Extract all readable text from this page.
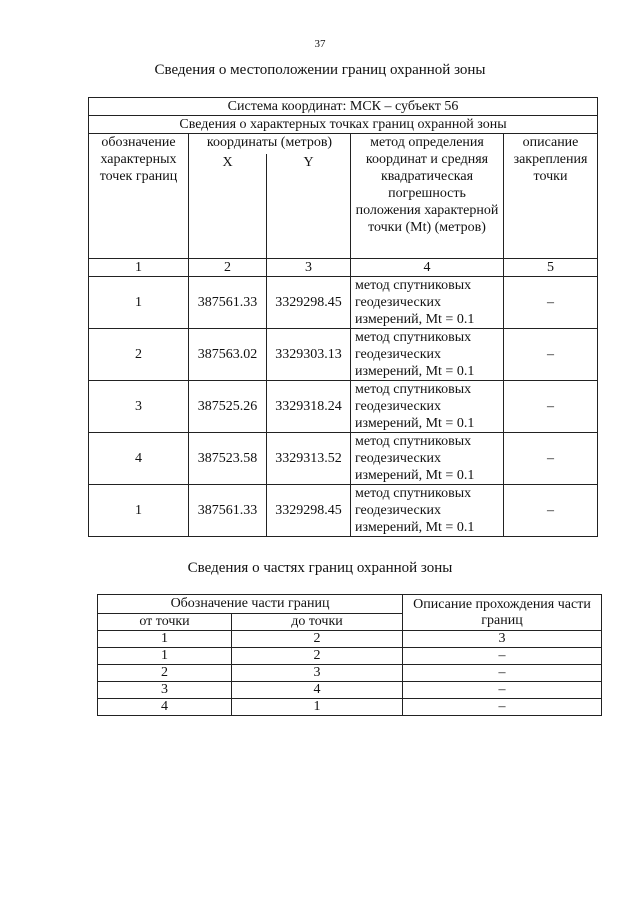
37
Сведения о местоположении границ охранной зоны
Система координат: МСК – субъект 56				
Сведения о характерных точках границ охранной зоны				
обозначение характерных точек границ	координаты (метров)		метод определения координат и средняя квадратическая погрешность положения характерной точки (Mt) (метров)	описание закрепления точки
	X	Y		
1	2	3	4	5
1	387561.33	3329298.45	метод спутниковых геодезических измерений, Mt = 0.1	–
2	387563.02	3329303.13	метод спутниковых геодезических измерений, Mt = 0.1	–
3	387525.26	3329318.24	метод спутниковых геодезических измерений, Mt = 0.1	–
4	387523.58	3329313.52	метод спутниковых геодезических измерений, Mt = 0.1	–
1	387561.33	3329298.45	метод спутниковых геодезических измерений, Mt = 0.1	–
Сведения о частях границ охранной зоны
Обозначение части границ		Описание прохождения части границ
от точки	до точки	
1	2	3
1	2	–
2	3	–
3	4	–
4	1	–
